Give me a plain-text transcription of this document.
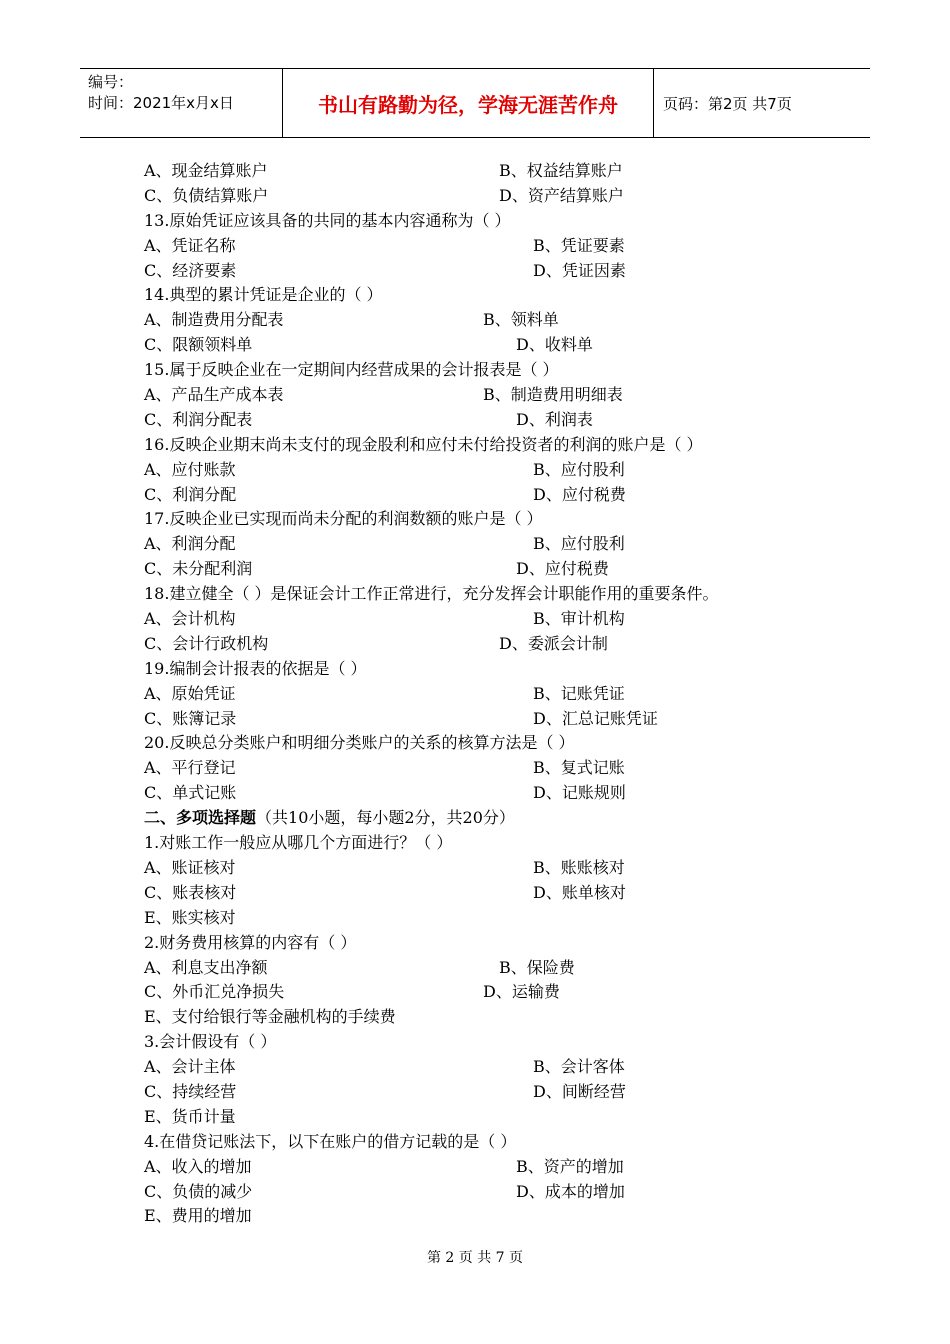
编号：
时间：2021年x月x日	书山有路勤为径，学海无涯苦作舟	页码：第2页 共7页
A、现金结算账户	B、权益结算账户
C、负债结算账户	D、资产结算账户
13.原始凭证应该具备的共同的基本内容通称为（ ）
A、凭证名称	B、凭证要素
C、经济要素	D、凭证因素
14.典型的累计凭证是企业的（ ）
A、制造费用分配表	B、领料单
C、限额领料单	D、收料单
15.属于反映企业在一定期间内经营成果的会计报表是（ ）
A、产品生产成本表	B、制造费用明细表
C、利润分配表	D、利润表
16.反映企业期末尚未支付的现金股利和应付未付给投资者的利润的账户是（ ）
A、应付账款	B、应付股利
C、利润分配	D、应付税费
17.反映企业已实现而尚未分配的利润数额的账户是（ ）
A、利润分配	B、应付股利
C、未分配利润	D、应付税费
18.建立健全（ ）是保证会计工作正常进行，充分发挥会计职能作用的重要条件。
A、会计机构	B、审计机构
C、会计行政机构	D、委派会计制
19.编制会计报表的依据是（ ）
A、原始凭证	B、记账凭证
C、账簿记录	D、汇总记账凭证
20.反映总分类账户和明细分类账户的关系的核算方法是（ ）
A、平行登记	B、复式记账
C、单式记账	D、记账规则
二、多项选择题（共10小题，每小题2分，共20分）
1.对账工作一般应从哪几个方面进行？（ ）
A、账证核对	B、账账核对
C、账表核对	D、账单核对
E、账实核对
2.财务费用核算的内容有（ ）
A、利息支出净额	B、保险费
C、外币汇兑净损失	D、运输费
E、支付给银行等金融机构的手续费
3.会计假设有（ ）
A、会计主体	B、会计客体
C、持续经营	D、间断经营
E、货币计量
4.在借贷记账法下，以下在账户的借方记载的是（ ）
A、收入的增加	B、资产的增加
C、负债的减少	D、成本的增加
E、费用的增加
第 2 页 共 7 页
